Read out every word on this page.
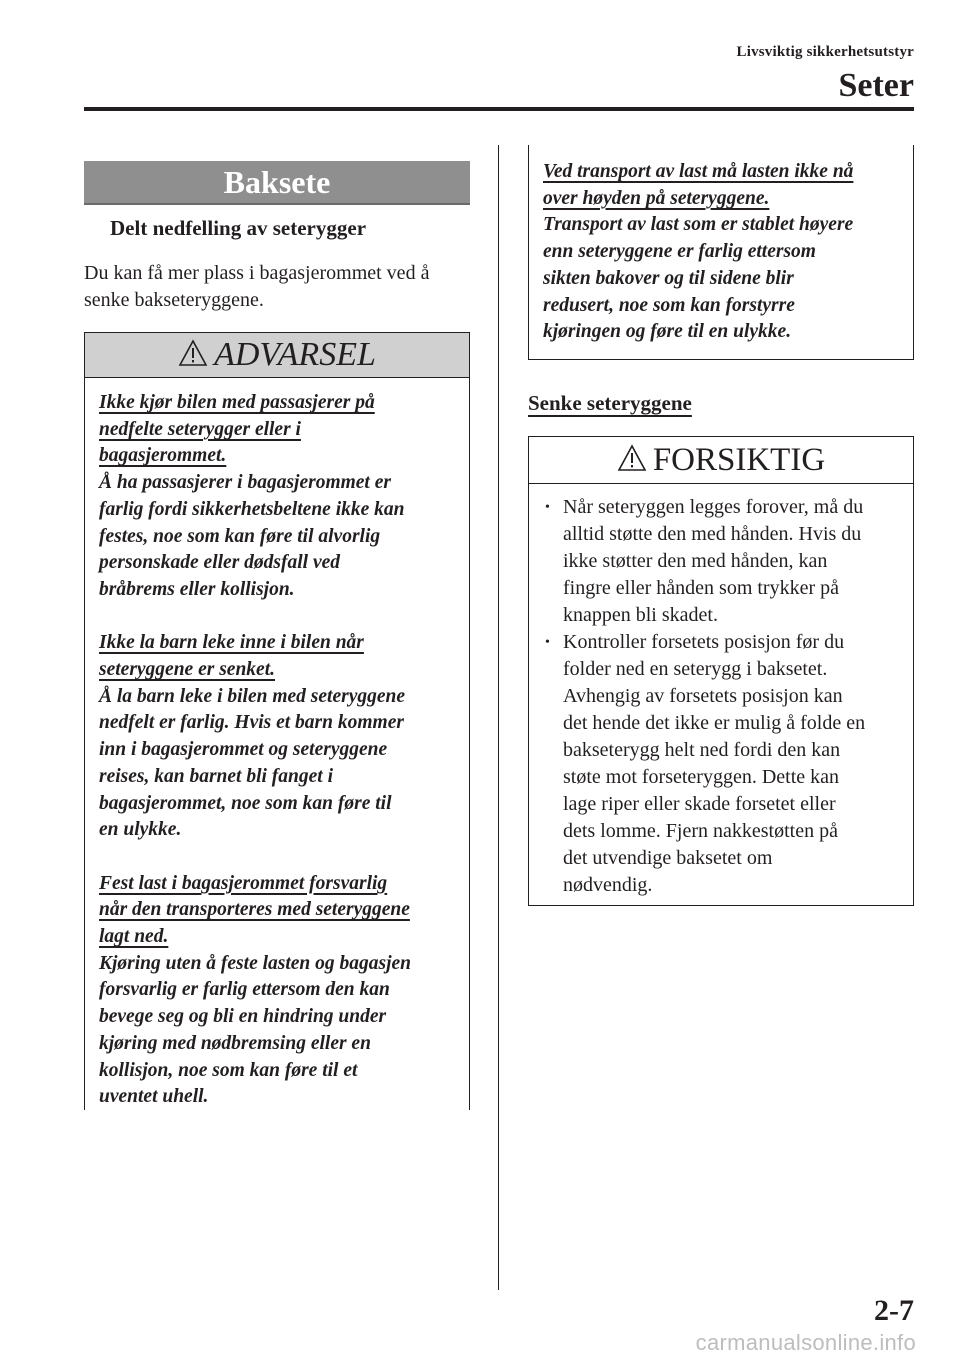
Livsviktig sikkerhetsutstyr
Seter
Baksete
Delt nedfelling av seterygger
Du kan få mer plass i bagasjerommet ved å senke bakseteryggene.
ADVARSEL
Ikke kjør bilen med passasjerer på
nedfelte seterygger eller i
bagasjerommet.
Å ha passasjerer i bagasjerommet er
farlig fordi sikkerhetsbeltene ikke kan
festes, noe som kan føre til alvorlig
personskade eller dødsfall ved
bråbrems eller kollisjon.
Ikke la barn leke inne i bilen når
seteryggene er senket.
Å la barn leke i bilen med seteryggene
nedfelt er farlig. Hvis et barn kommer
inn i bagasjerommet og seteryggene
reises, kan barnet bli fanget i
bagasjerommet, noe som kan føre til
en ulykke.
Fest last i bagasjerommet forsvarlig
når den transporteres med seteryggene
lagt ned.
Kjøring uten å feste lasten og bagasjen
forsvarlig er farlig ettersom den kan
bevege seg og bli en hindring under
kjøring med nødbremsing eller en
kollisjon, noe som kan føre til et
uventet uhell.
Ved transport av last må lasten ikke nå
over høyden på seteryggene.
Transport av last som er stablet høyere
enn seteryggene er farlig ettersom
sikten bakover og til sidene blir
redusert, noe som kan forstyrre
kjøringen og føre til en ulykke.
Senke seteryggene
FORSIKTIG
• Når seteryggen legges forover, må du
alltid støtte den med hånden. Hvis du
ikke støtter den med hånden, kan
fingre eller hånden som trykker på
knappen bli skadet.
• Kontroller forsetets posisjon før du
folder ned en seterygg i baksetet.
Avhengig av forsetets posisjon kan
det hende det ikke er mulig å folde en
bakseterygg helt ned fordi den kan
støte mot forseteryggen. Dette kan
lage riper eller skade forsetet eller
dets lomme. Fjern nakkestøtten på
det utvendige baksetet om
nødvendig.
2-7
carmanualsonline.info
